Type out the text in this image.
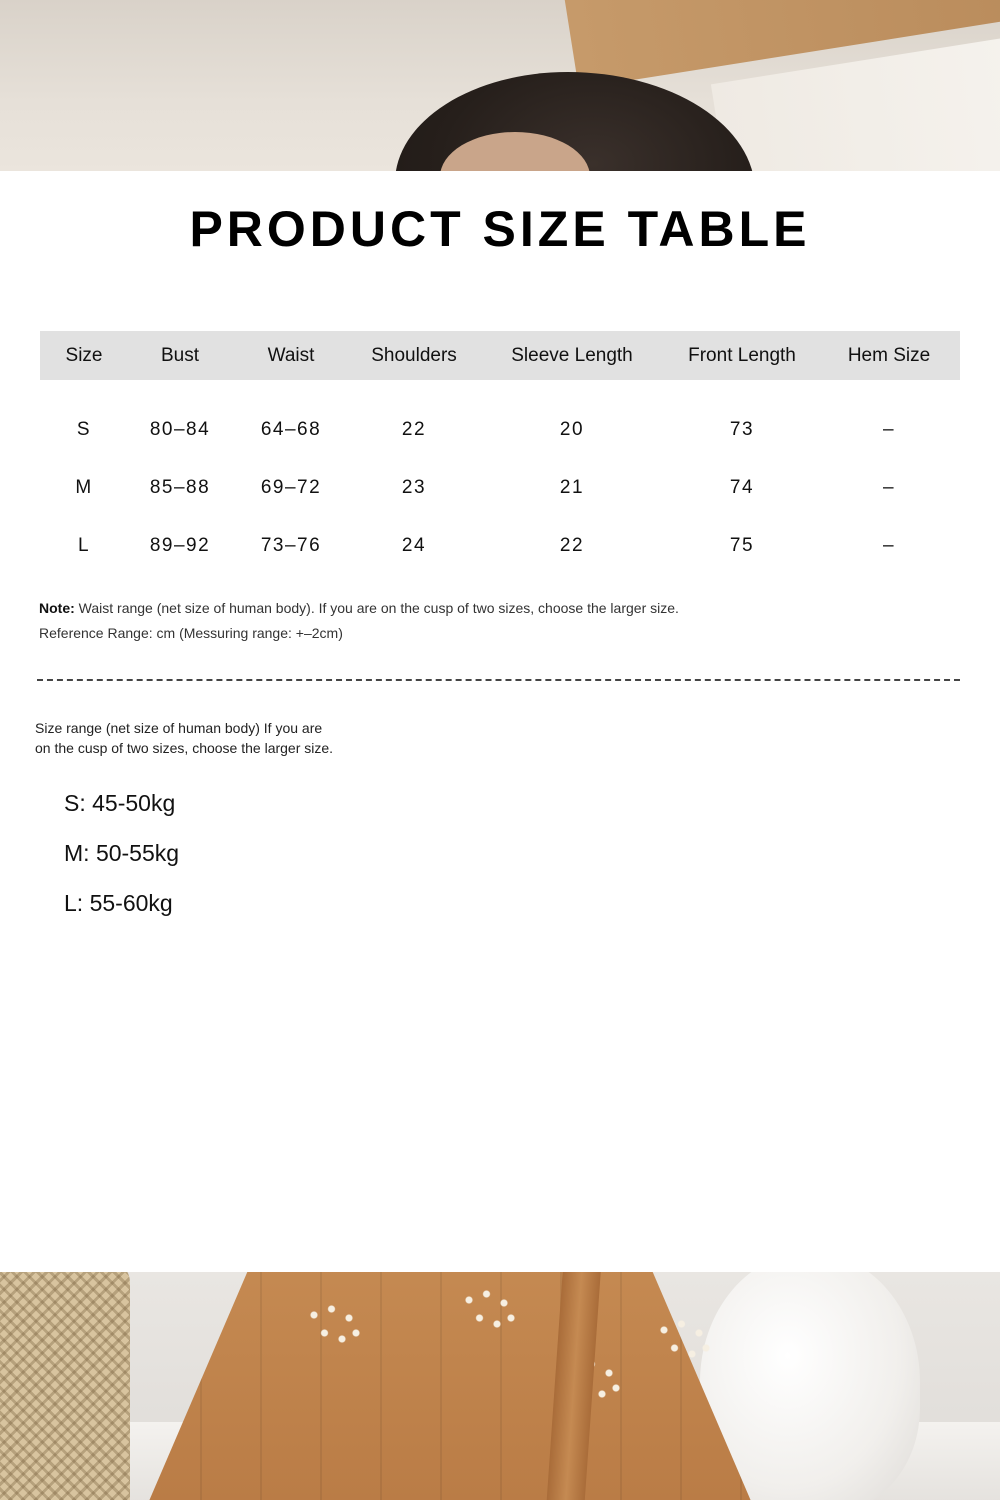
PRODUCT SIZE TABLE
Size	Bust	Waist	Shoulders	Sleeve Length	Front Length	Hem Size

S	80–84	64–68	22	20	73	–
M	85–88	69–72	23	21	74	–
L	89–92	73–76	24	22	75	–
Note: Waist range (net size of human body). If you are on the cusp of two sizes, choose the larger size.
Reference Range: cm (Messuring range: +–2cm)
Size range (net size of human body) If you are
on the cusp of two sizes, choose the larger size.
S: 45-50kg
M: 50-55kg
L: 55-60kg
